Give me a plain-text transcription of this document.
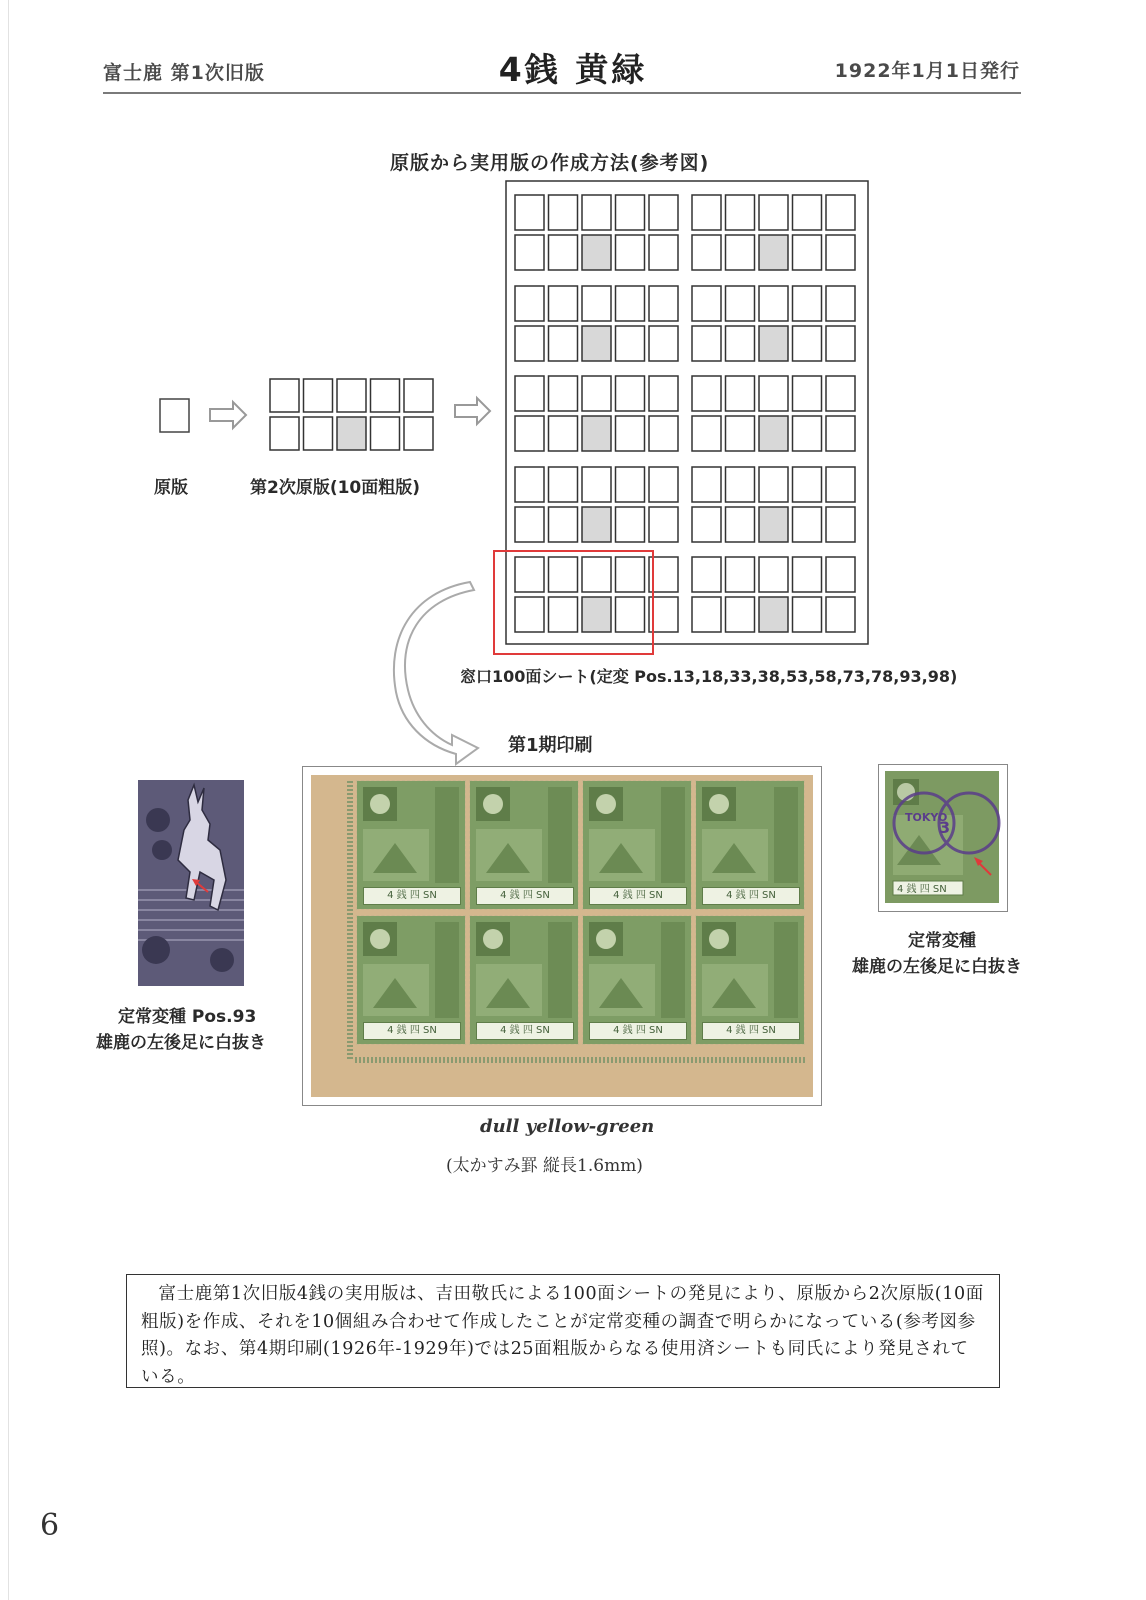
富士鹿 第1次旧版	4銭 黄緑	1922年1月1日発行
原版から実用版の作成方法(参考図)
原版	第2次原版(10面粗版)
窓口100面シート(定変 Pos.13,18,33,38,53,58,73,78,93,98)
第1期印刷
定常変種 Pos.93
雄鹿の左後足に白抜き
4 銭 四 SN	4 銭 四 SN	4 銭 四 SN	4 銭 四 SN
4 銭 四 SN	4 銭 四 SN	4 銭 四 SN	4 銭 四 SN
dull yellow-green
(太かすみ罫 縦長1.6mm)
4 銭 四 SN
TOKYO
3
定常変種
雄鹿の左後足に白抜き
富士鹿第1次旧版4銭の実用版は、吉田敬氏による100面シートの発見により、原版から2次原版(10面粗版)を作成、それを10個組み合わせて作成したことが定常変種の調査で明らかになっている(参考図参照)。なお、第4期印刷(1926年-1929年)では25面粗版からなる使用済シートも同氏により発見されている。
6
